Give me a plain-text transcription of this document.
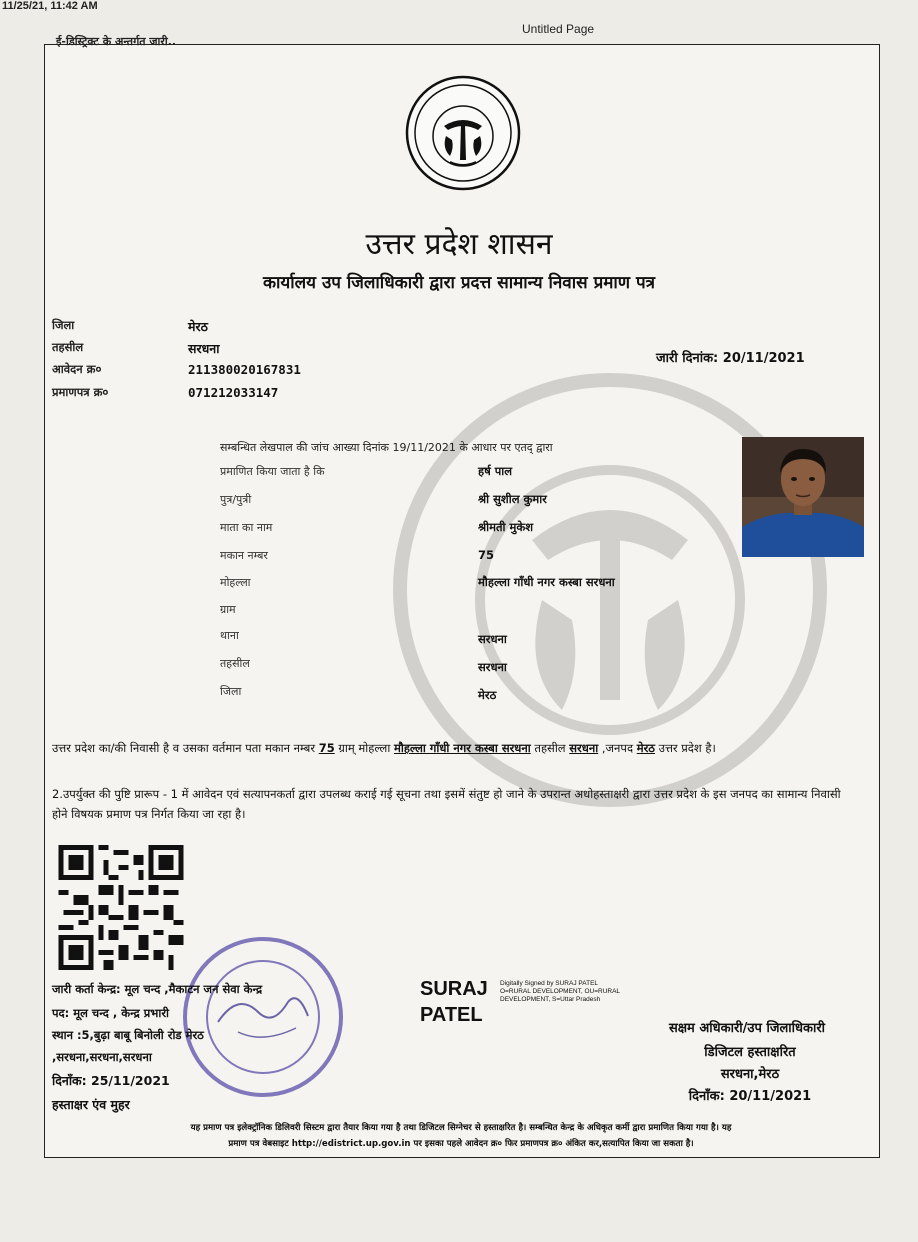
11/25/21, 11:42 AM
Untitled Page
ई-डिस्ट्रिक्ट के अन्तर्गत जारी..
उत्तर प्रदेश शासन
कार्यालय उप जिलाधिकारी द्वारा प्रदत्त सामान्य निवास प्रमाण पत्र
जिला	मेरठ
तहसील	सरधना
आवेदन क्र०	211380020167831
प्रमाणपत्र क्र०	071212033147
जारी दिनांक: 20/11/2021
सम्बन्धित लेखपाल की जांच आख्या दिनांक 19/11/2021 के आधार पर एतद् द्वारा
प्रमाणित किया जाता है कि	हर्ष पाल
पुत्र/पुत्री	श्री सुशील कुमार
माता का नाम	श्रीमती मुकेश
मकान नम्बर	75
मोहल्ला	मौहल्ला गाँधी नगर कस्बा सरधना
ग्राम
थाना	सरधना
तहसील	सरधना
जिला	मेरठ
उत्तर प्रदेश का/की निवासी है व उसका वर्तमान पता मकान नम्बर 75 ग्राम् मोहल्ला मौहल्ला गाँधी नगर कस्बा सरधना तहसील सरधना ,जनपद मेरठ उत्तर प्रदेश है।
2.उपर्युक्त की पुष्टि प्रारूप - 1 में आवेदन एवं सत्यापनकर्ता द्वारा उपलब्ध कराई गई सूचना तथा इसमें संतुष्ट हो जाने के उपरान्त अधोहस्ताक्षरी द्वारा उत्तर प्रदेश के इस जनपद का सामान्य निवासी होने विषयक प्रमाण पत्र निर्गत किया जा रहा है।
जारी कर्ता केन्द्र: मूल चन्द ,मैकाटन जन सेवा केन्द्र
पद: मूल चन्द , केन्द्र प्रभारी
स्थान :5,बुढ़ा बाबू बिनोली रोड मेरठ
,सरधना,सरधना,सरधना
दिनाँक: 25/11/2021
हस्ताक्षर एंव मुहर
SURAJ
PATEL
Digitally Signed by SURAJ PATEL O=RURAL DEVELOPMENT, OU=RURAL DEVELOPMENT, S=Uttar Pradesh
सक्षम अधिकारी/उप जिलाधिकारी
डिजिटल हस्ताक्षरित
सरधना,मेरठ
दिनाँक: 20/11/2021
यह प्रमाण पत्र इलेक्ट्रॉनिक डिलिवरी सिस्टम द्वारा तैयार किया गया है तथा डिजिटल सिग्नेचर से हस्ताक्षरित है। सम्बन्धित केन्द्र के अधिकृत कर्मी द्वारा प्रमाणित किया गया है। यह
प्रमाण पत्र वेबसाइट http://edistrict.up.gov.in पर इसका पहले आवेदन क्र० फिर प्रमाणपत्र क्र० अंकित कर,सत्यापित किया जा सकता है।
